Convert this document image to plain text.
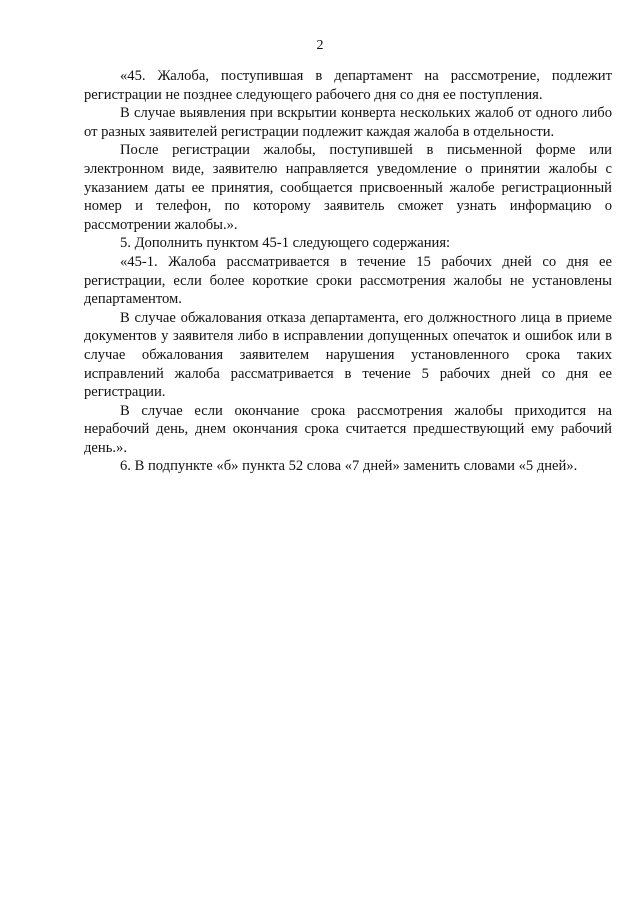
2

«45. Жалоба, поступившая в департамент на рассмотрение, подлежит регистрации не позднее следующего рабочего дня со дня ее поступления.

В случае выявления при вскрытии конверта нескольких жалоб от одного либо от разных заявителей регистрации подлежит каждая жалоба в отдельности.

После регистрации жалобы, поступившей в письменной форме или электронном виде, заявителю направляется уведомление о принятии жалобы с указанием даты ее принятия, сообщается присвоенный жалобе регистрационный номер и телефон, по которому заявитель сможет узнать информацию о рассмотрении жалобы.».

5. Дополнить пунктом 45-1 следующего содержания:

«45-1. Жалоба рассматривается в течение 15 рабочих дней со дня ее регистрации, если более короткие сроки рассмотрения жалобы не установлены департаментом.

В случае обжалования отказа департамента, его должностного лица в приеме документов у заявителя либо в исправлении допущенных опечаток и ошибок или в случае обжалования заявителем нарушения установленного срока таких исправлений жалоба рассматривается в течение 5 рабочих дней со дня ее регистрации.

В случае если окончание срока рассмотрения жалобы приходится на нерабочий день, днем окончания срока считается предшествующий ему рабочий день.».

6. В подпункте «б» пункта 52 слова «7 дней» заменить словами «5 дней».
